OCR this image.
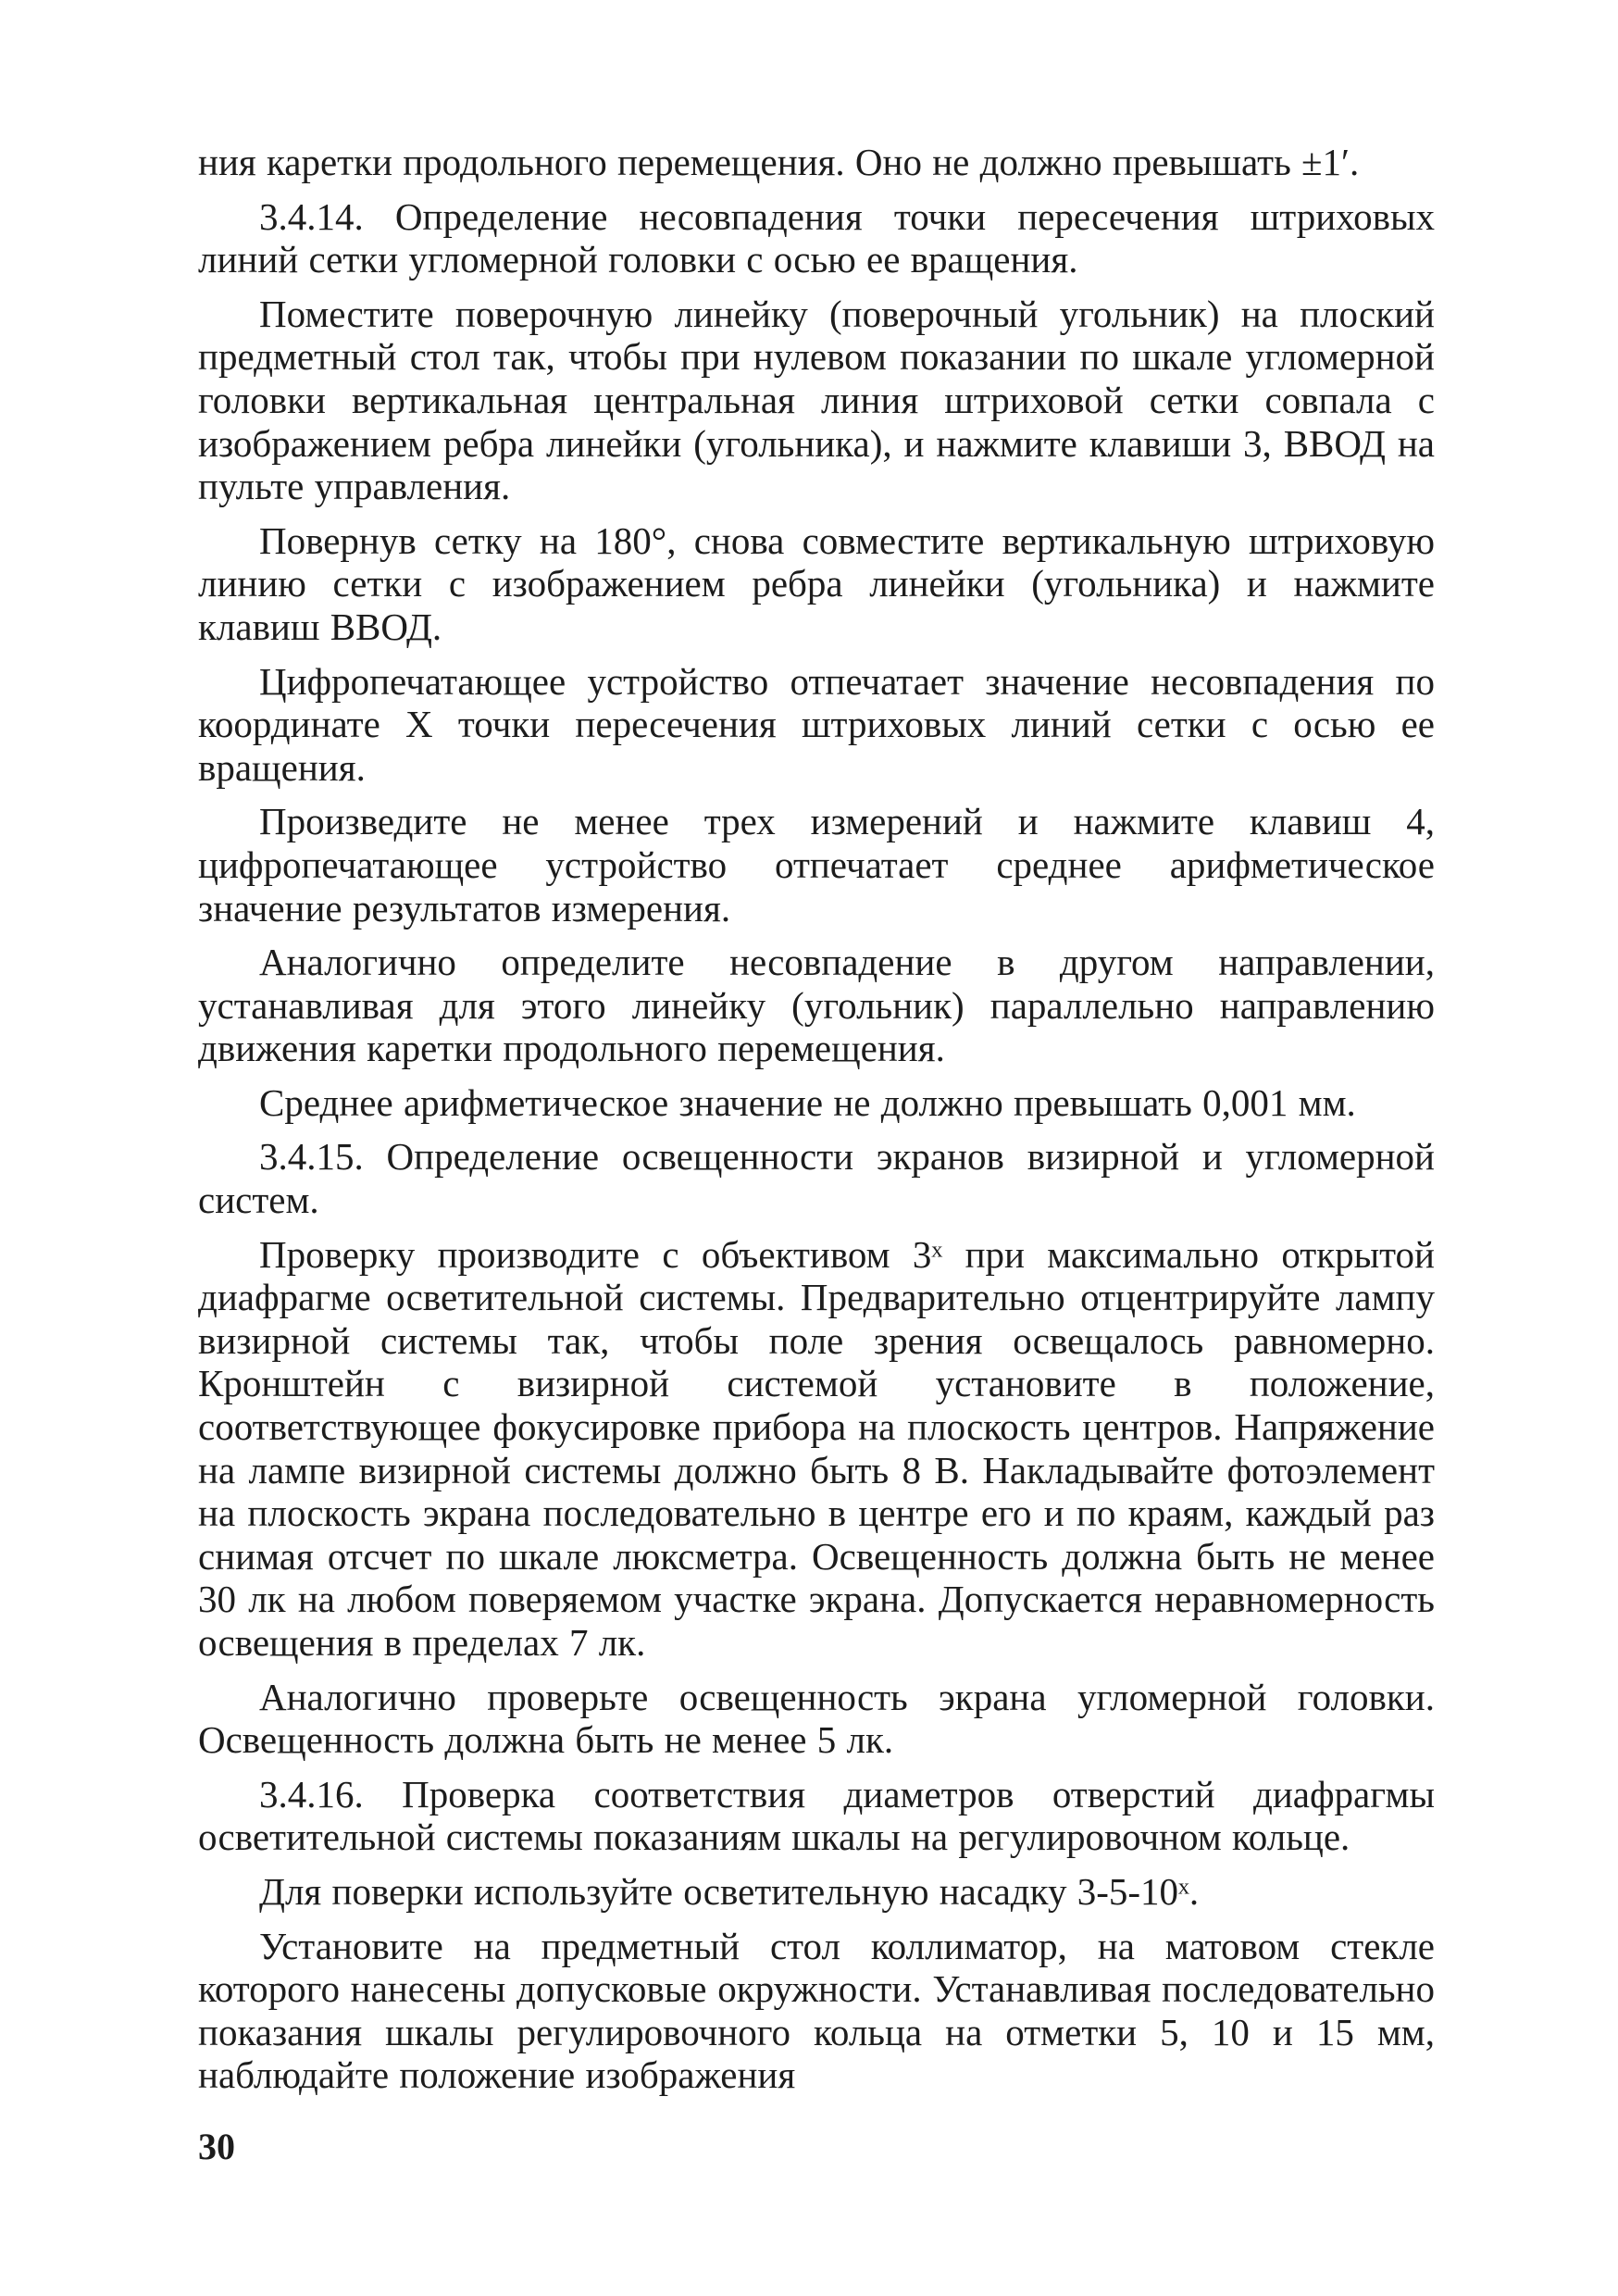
ния каретки продольного перемещения. Оно не должно превышать ±1′.

3.4.14. Определение несовпадения точки пересечения штриховых линий сетки угломерной головки с осью ее вращения.

Поместите поверочную линейку (поверочный угольник) на плоский предметный стол так, чтобы при нулевом показании по шкале угломерной головки вертикальная центральная линия штриховой сетки совпала с изображением ребра линейки (угольника), и нажмите клавиши 3, ВВОД на пульте управления.

Повернув сетку на 180°, снова совместите вертикальную штриховую линию сетки с изображением ребра линейки (угольника) и нажмите клавиш ВВОД.

Цифропечатающее устройство отпечатает значение несовпадения по координате X точки пересечения штриховых линий сетки с осью ее вращения.

Произведите не менее трех измерений и нажмите клавиш 4, цифропечатающее устройство отпечатает среднее арифметическое значение результатов измерения.

Аналогично определите несовпадение в другом направлении, устанавливая для этого линейку (угольник) параллельно направлению движения каретки продольного перемещения.

Среднее арифметическое значение не должно превышать 0,001 мм.

3.4.15. Определение освещенности экранов визирной и угломерной систем.

Проверку производите с объективом 3ˣ при максимально открытой диафрагме осветительной системы. Предварительно отцентрируйте лампу визирной системы так, чтобы поле зрения освещалось равномерно. Кронштейн с визирной системой установите в положение, соответствующее фокусировке прибора на плоскость центров. Напряжение на лампе визирной системы должно быть 8 В. Накладывайте фотоэлемент на плоскость экрана последовательно в центре его и по краям, каждый раз снимая отсчет по шкале люксметра. Освещенность должна быть не менее 30 лк на любом поверяемом участке экрана. Допускается неравномерность освещения в пределах 7 лк.

Аналогично проверьте освещенность экрана угломерной головки. Освещенность должна быть не менее 5 лк.

3.4.16. Проверка соответствия диаметров отверстий диафрагмы осветительной системы показаниям шкалы на регулировочном кольце.

Для поверки используйте осветительную насадку 3-5-10ˣ.

Установите на предметный стол коллиматор, на матовом стекле которого нанесены допусковые окружности. Устанавливая последовательно показания шкалы регулировочного кольца на отметки 5, 10 и 15 мм, наблюдайте положение изображения

30
